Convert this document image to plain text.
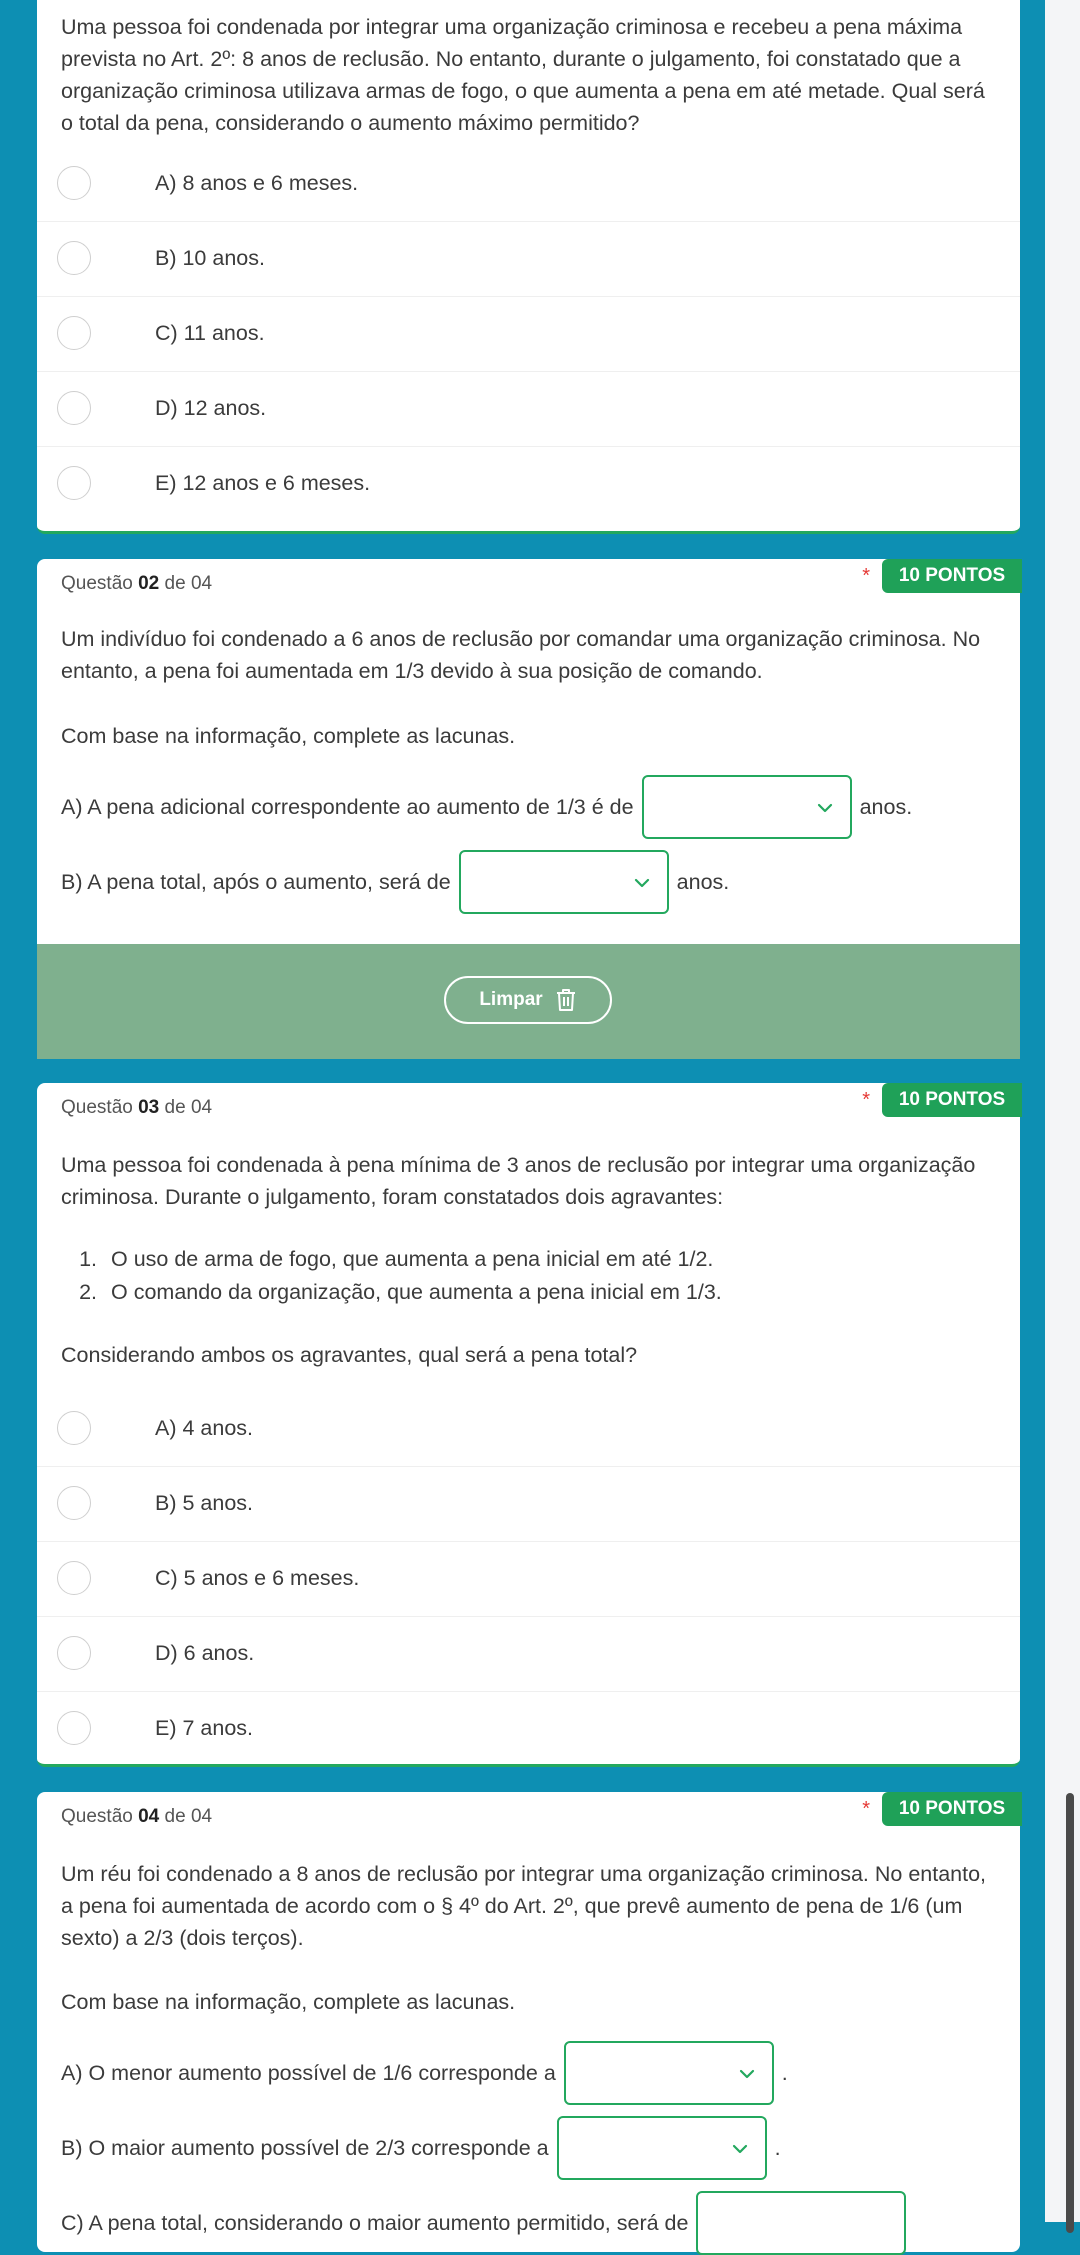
Uma pessoa foi condenada por integrar uma organização criminosa e recebeu a pena máxima prevista no Art. 2º: 8 anos de reclusão. No entanto, durante o julgamento, foi constatado que a organização criminosa utilizava armas de fogo, o que aumenta a pena em até metade. Qual será o total da pena, considerando o aumento máximo permitido?
A) 8 anos e 6 meses.
B) 10 anos.
C) 11 anos.
D) 12 anos.
E) 12 anos e 6 meses.
Questão 02 de 04	*	10 PONTOS
Um indivíduo foi condenado a 6 anos de reclusão por comandar uma organização criminosa. No entanto, a pena foi aumentada em 1/3 devido à sua posição de comando.
Com base na informação, complete as lacunas.
A) A pena adicional correspondente ao aumento de 1/3 é de	anos.
B) A pena total, após o aumento, será de	anos.
Limpar
Questão 03 de 04	*	10 PONTOS
Uma pessoa foi condenada à pena mínima de 3 anos de reclusão por integrar uma organização criminosa. Durante o julgamento, foram constatados dois agravantes:
1. O uso de arma de fogo, que aumenta a pena inicial em até 1/2.
2. O comando da organização, que aumenta a pena inicial em 1/3.
Considerando ambos os agravantes, qual será a pena total?
A) 4 anos.
B) 5 anos.
C) 5 anos e 6 meses.
D) 6 anos.
E) 7 anos.
Questão 04 de 04	*	10 PONTOS
Um réu foi condenado a 8 anos de reclusão por integrar uma organização criminosa. No entanto, a pena foi aumentada de acordo com o § 4º do Art. 2º, que prevê aumento de pena de 1/6 (um sexto) a 2/3 (dois terços).
Com base na informação, complete as lacunas.
A) O menor aumento possível de 1/6 corresponde a	.
B) O maior aumento possível de 2/3 corresponde a	.
C) A pena total, considerando o maior aumento permitido, será de
